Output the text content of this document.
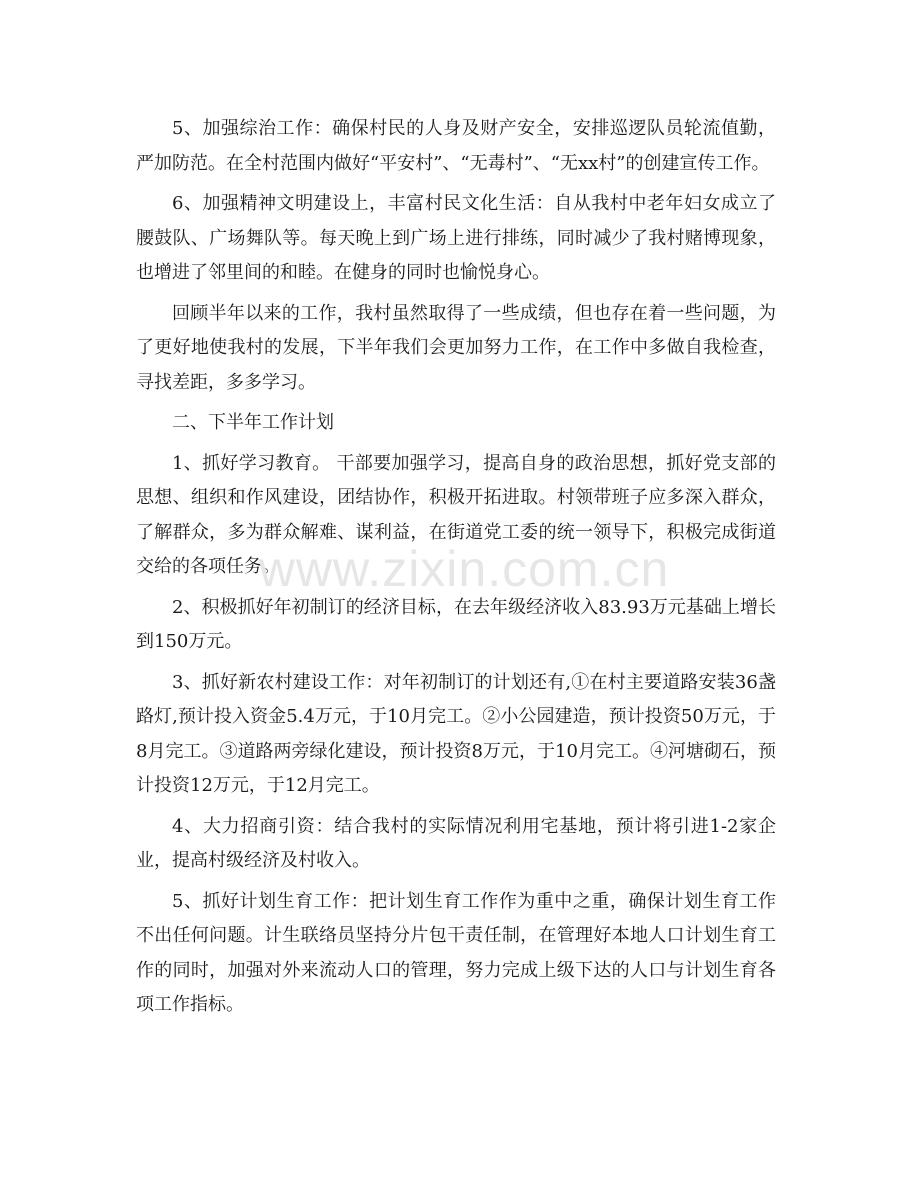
5、加强综治工作：确保村民的人身及财产安全，安排巡逻队员轮流值勤，严加防范。在全村范围内做好“平安村”、“无毒村”、“无xx村”的创建宣传工作。

6、加强精神文明建设上，丰富村民文化生活：自从我村中老年妇女成立了腰鼓队、广场舞队等。每天晚上到广场上进行排练，同时减少了我村赌博现象，也增进了邻里间的和睦。在健身的同时也愉悦身心。

回顾半年以来的工作，我村虽然取得了一些成绩，但也存在着一些问题，为了更好地使我村的发展，下半年我们会更加努力工作，在工作中多做自我检查，寻找差距，多多学习。

二、下半年工作计划

1、抓好学习教育。 干部要加强学习，提高自身的政治思想，抓好党支部的思想、组织和作风建设，团结协作，积极开拓进取。村领带班子应多深入群众，了解群众，多为群众解难、谋利益，在街道党工委的统一领导下，积极完成街道交给的各项任务。

2、积极抓好年初制订的经济目标，在去年级经济收入83.93万元基础上增长到150万元。

3、抓好新农村建设工作：对年初制订的计划还有,①在村主要道路安装36盏路灯,预计投入资金5.4万元，于10月完工。②小公园建造，预计投资50万元，于8月完工。③道路两旁绿化建设，预计投资8万元，于10月完工。④河塘砌石，预计投资12万元，于12月完工。

4、大力招商引资：结合我村的实际情况利用宅基地，预计将引进1-2家企业，提高村级经济及村收入。

5、抓好计划生育工作：把计划生育工作作为重中之重，确保计划生育工作不出任何问题。计生联络员坚持分片包干责任制，在管理好本地人口计划生育工作的同时，加强对外来流动人口的管理，努力完成上级下达的人口与计划生育各项工作指标。

www.zixin.com.cn
